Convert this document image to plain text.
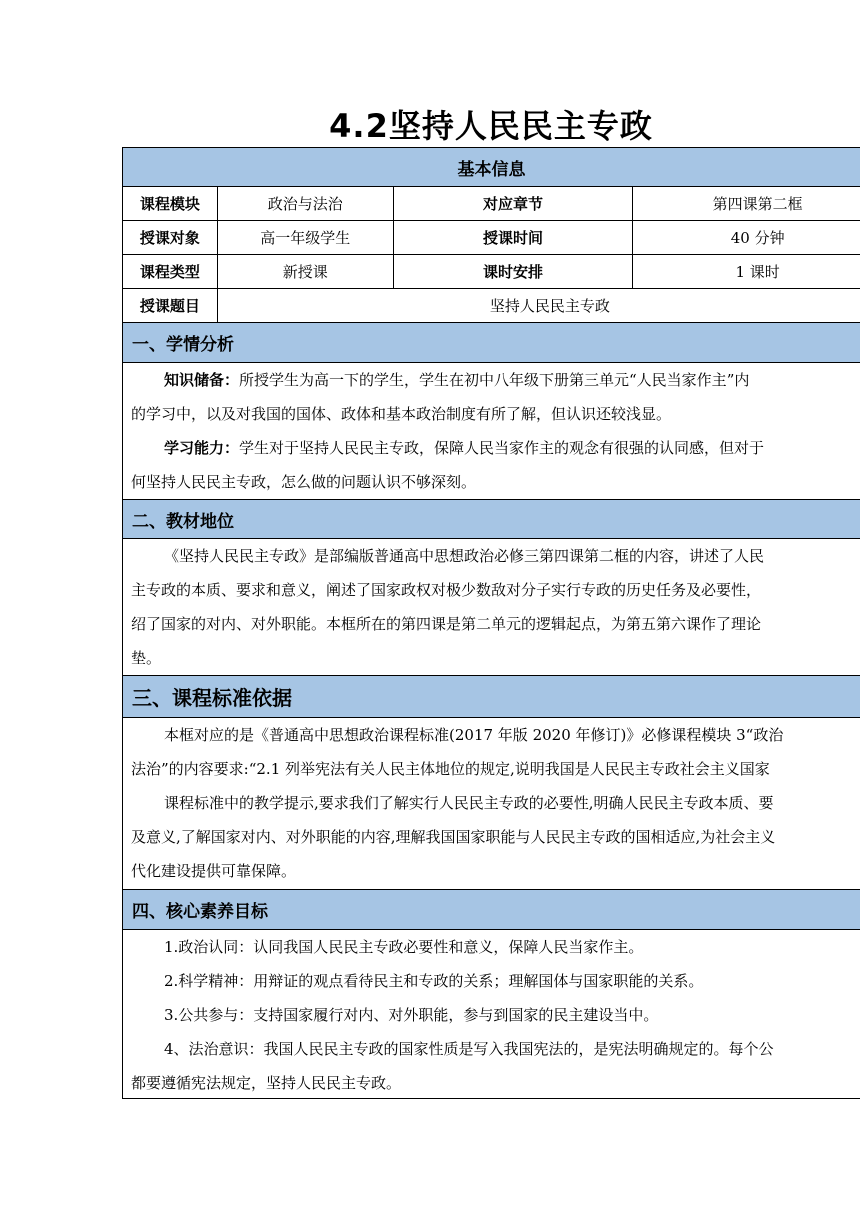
4.2坚持人民民主专政
基本信息
课程模块	政治与法治	对应章节	第四课第二框
授课对象	高一年级学生	授课时间	40 分钟
课程类型	新授课	课时安排	1 课时
授课题目	坚持人民民主专政
一、学情分析

知识储备：所授学生为高一下的学生，学生在初中八年级下册第三单元“人民当家作主”内

的学习中，以及对我国的国体、政体和基本政治制度有所了解，但认识还较浅显。

学习能力：学生对于坚持人民民主专政，保障人民当家作主的观念有很强的认同感，但对于

何坚持人民民主专政，怎么做的问题认识不够深刻。

二、教材地位

《坚持人民民主专政》是部编版普通高中思想政治必修三第四课第二框的内容，讲述了人民

主专政的本质、要求和意义，阐述了国家政权对极少数敌对分子实行专政的历史任务及必要性，

绍了国家的对内、对外职能。本框所在的第四课是第二单元的逻辑起点，为第五第六课作了理论

垫。

三、课程标准依据

本框对应的是《普通高中思想政治课程标准(2017 年版 2020 年修订)》必修课程模块 3“政治

法治”的内容要求:“2.1 列举宪法有关人民主体地位的规定,说明我国是人民民主专政社会主义国家

课程标准中的教学提示,要求我们了解实行人民民主专政的必要性,明确人民民主专政本质、要

及意义,了解国家对内、对外职能的内容,理解我国国家职能与人民民主专政的国相适应,为社会主义

代化建设提供可靠保障。

四、核心素养目标

1.政治认同：认同我国人民民主专政必要性和意义，保障人民当家作主。

2.科学精神：用辩证的观点看待民主和专政的关系；理解国体与国家职能的关系。

3.公共参与：支持国家履行对内、对外职能，参与到国家的民主建设当中。

4、法治意识：我国人民民主专政的国家性质是写入我国宪法的，是宪法明确规定的。每个公

都要遵循宪法规定，坚持人民民主专政。
